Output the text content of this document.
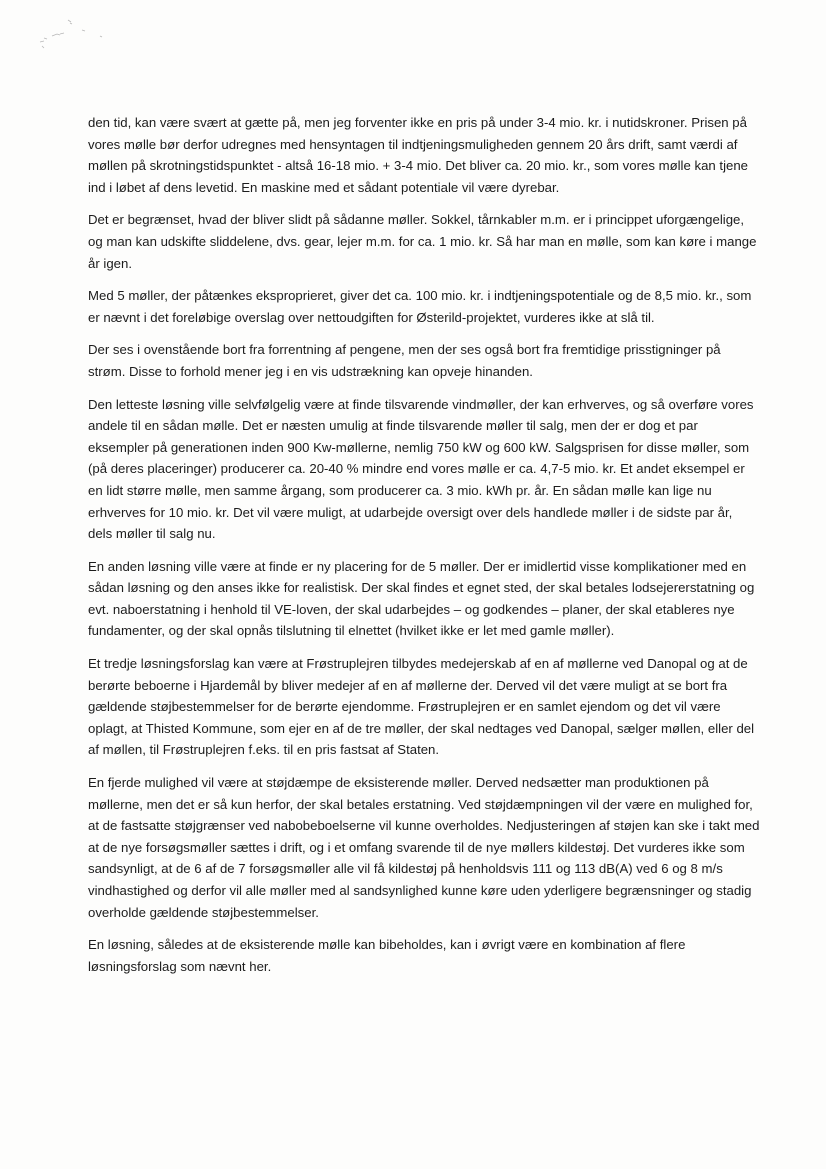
den tid, kan være svært at gætte på, men jeg forventer ikke en pris på under 3-4 mio. kr. i nutidskroner. Prisen på vores mølle bør derfor udregnes med hensyntagen til indtjeningsmuligheden gennem 20 års drift, samt værdi af møllen på skrotningstidspunktet - altså 16-18 mio. + 3-4 mio. Det bliver ca. 20 mio. kr., som vores mølle kan tjene ind i løbet af dens levetid. En maskine med et sådant potentiale vil være dyrebar.

Det er begrænset, hvad der bliver slidt på sådanne møller. Sokkel, tårnkabler m.m. er i princippet uforgængelige, og man kan udskifte sliddelene, dvs. gear, lejer m.m. for ca. 1 mio. kr. Så har man en mølle, som kan køre i mange år igen.

Med 5 møller, der påtænkes eksproprieret, giver det ca. 100 mio. kr. i indtjeningspotentiale og de 8,5 mio. kr., som er nævnt i det foreløbige overslag over nettoudgiften for Østerild-projektet, vurderes ikke at slå til.

Der ses i ovenstående bort fra forrentning af pengene, men der ses også bort fra fremtidige prisstigninger på strøm. Disse to forhold mener jeg i en vis udstrækning kan opveje hinanden.

Den letteste løsning ville selvfølgelig være at finde tilsvarende vindmøller, der kan erhverves, og så overføre vores andele til en sådan mølle. Det er næsten umulig at finde tilsvarende møller til salg, men der er dog et par eksempler på generationen inden 900 Kw-møllerne, nemlig 750 kW og 600 kW. Salgsprisen for disse møller, som (på deres placeringer) producerer ca. 20-40 % mindre end vores mølle er ca. 4,7-5 mio. kr. Et andet eksempel er en lidt større mølle, men samme årgang, som producerer ca. 3 mio. kWh pr. år. En sådan mølle kan lige nu erhverves for 10 mio. kr. Det vil være muligt, at udarbejde oversigt over dels handlede møller i de sidste par år, dels møller til salg nu.

En anden løsning ville være at finde er ny placering for de 5 møller. Der er imidlertid visse komplikationer med en sådan løsning og den anses ikke for realistisk. Der skal findes et egnet sted, der skal betales lodsejererstatning og evt. naboerstatning i henhold til VE-loven, der skal udarbejdes – og godkendes – planer, der skal etableres nye fundamenter, og der skal opnås tilslutning til elnettet (hvilket ikke er let med gamle møller).

Et tredje løsningsforslag kan være at Frøstruplejren tilbydes medejerskab af en af møllerne ved Danopal og at de berørte beboerne i Hjardemål by bliver medejer af en af møllerne der. Derved vil det være muligt at se bort fra gældende støjbestemmelser for de berørte ejendomme. Frøstruplejren er en samlet ejendom og det vil være oplagt, at Thisted Kommune, som ejer en af de tre møller, der skal nedtages ved Danopal, sælger møllen, eller del af møllen, til Frøstruplejren f.eks. til en pris fastsat af Staten.

En fjerde mulighed vil være at støjdæmpe de eksisterende møller. Derved nedsætter man produktionen på møllerne, men det er så kun herfor, der skal betales erstatning. Ved støjdæmpningen vil der være en mulighed for, at de fastsatte støjgrænser ved nabobeboelserne vil kunne overholdes. Nedjusteringen af støjen kan ske i takt med at de nye forsøgsmøller sættes i drift, og i et omfang svarende til de nye møllers kildestøj. Det vurderes ikke som sandsynligt, at de 6 af de 7 forsøgsmøller alle vil få kildestøj på henholdsvis 111 og 113 dB(A) ved 6 og 8 m/s vindhastighed og derfor vil alle møller med al sandsynlighed kunne køre uden yderligere begrænsninger og stadig overholde gældende støjbestemmelser.

En løsning, således at de eksisterende mølle kan bibeholdes, kan i øvrigt være en kombination af flere løsningsforslag som nævnt her.
